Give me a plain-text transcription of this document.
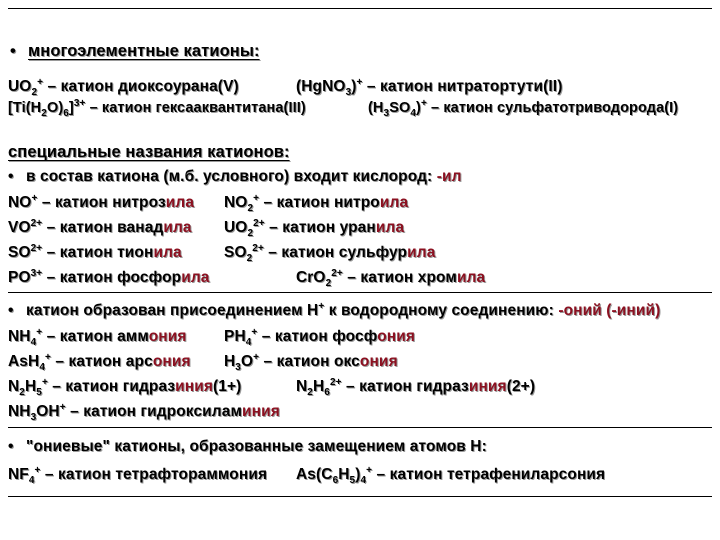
• многоэлементные катионы:
$UO_2^+$ – катион диоксоурана(V)	(HgNO$_3$)+ – катион нитратортути(II)
$[Ti(H_2O)_6]^{3+}$ – катион гексааквантитана(III)	$(H_3SO_4)^+$ – катион сульфатотриводорода(I)
специальные названия катионов:
• в состав катиона (м.б. условного) входит кислород: -ил
NO+ – катион нитрозила $NO_2^+$ – катион нитроила
$VO^{2+}$ – катион ванадила $UO_2^{2+}$ – катион уранила
$SO^{2+}$ – катион тионила	$SO_2^{2+}$ – катион сульфурила
$PO^{3+}$ – катион фосфорила	CrO$_2^{2+}$ – катион хромила
• катион образован присоединением H+ к водородному соединению: -оний (-иний)
$NH_4^+$ – катион аммония $PH_4^+$ – катион фосфония
AsH$_4$+ – катион арсония $H_3O^+$ – катион оксония
$N_2H_5^+$ – катион гидразиния(1+)	$N_2H_6^{2+}$ – катион гидразиния(2+)
$NH_3OH^+$ – катион гидроксиламиния
• "ониевые" катионы, образованные замещением атомов H:
$NF_4^+$ – катион тетрафтораммония $As(C_6H_5)_4^+$ – катион тетрафениларсония
